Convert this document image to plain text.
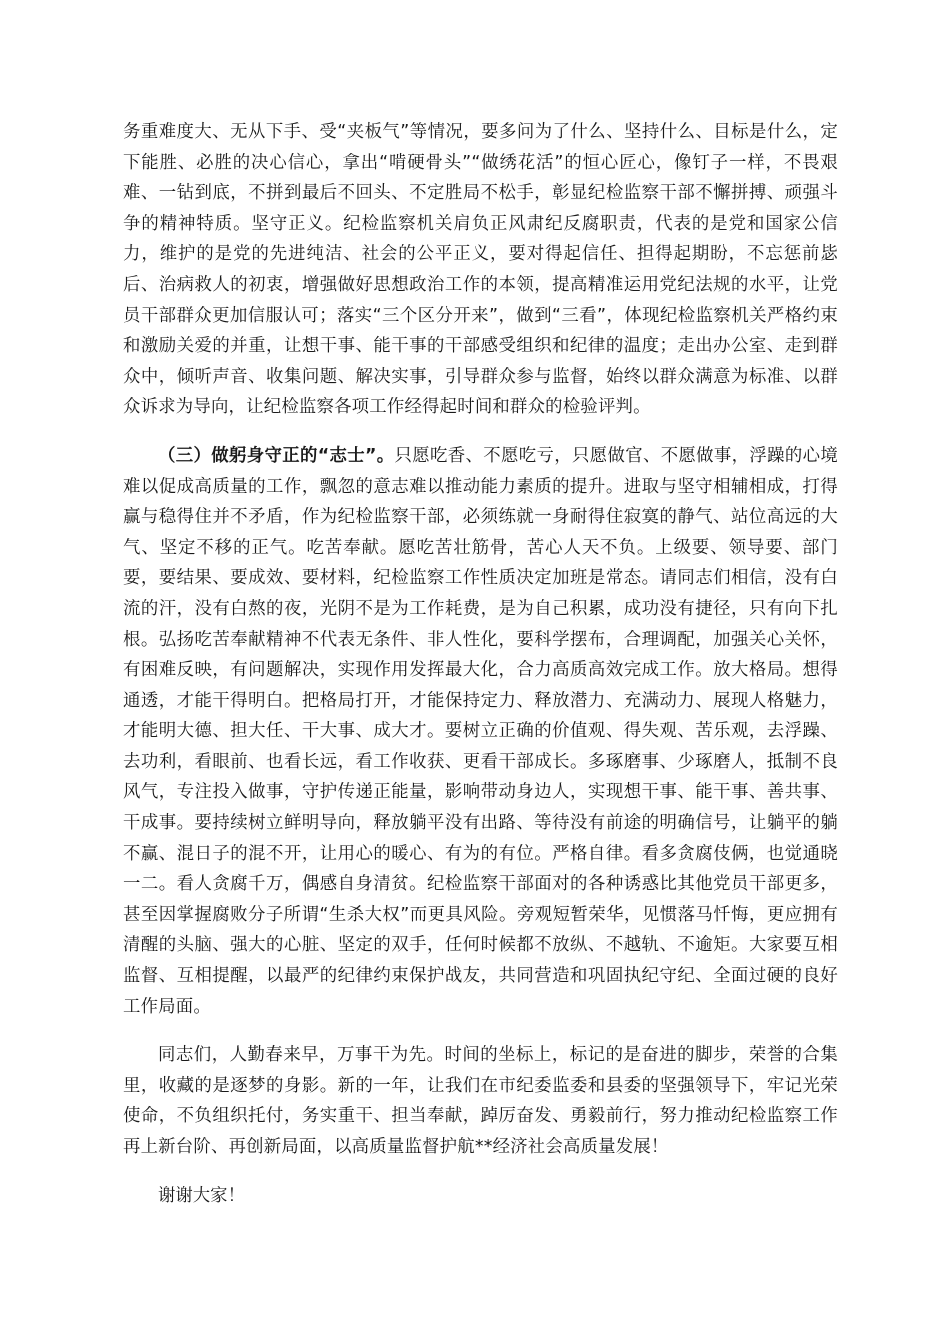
务重难度大、无从下手、受“夹板气”等情况，要多问为了什么、坚持什么、目标是什么，定下能胜、必胜的决心信心，拿出“啃硬骨头”“做绣花活”的恒心匠心，像钉子一样，不畏艰难、一钻到底，不拼到最后不回头、不定胜局不松手，彰显纪检监察干部不懈拼搏、顽强斗争的精神特质。坚守正义。纪检监察机关肩负正风肃纪反腐职责，代表的是党和国家公信力，维护的是党的先进纯洁、社会的公平正义，要对得起信任、担得起期盼，不忘惩前毖后、治病救人的初衷，增强做好思想政治工作的本领，提高精准运用党纪法规的水平，让党员干部群众更加信服认可；落实“三个区分开来”，做到“三看”，体现纪检监察机关严格约束和激励关爱的并重，让想干事、能干事的干部感受组织和纪律的温度；走出办公室、走到群众中，倾听声音、收集问题、解决实事，引导群众参与监督，始终以群众满意为标准、以群众诉求为导向，让纪检监察各项工作经得起时间和群众的检验评判。

（三）做躬身守正的“志士”。只愿吃香、不愿吃亏，只愿做官、不愿做事，浮躁的心境难以促成高质量的工作，飘忽的意志难以推动能力素质的提升。进取与坚守相辅相成，打得赢与稳得住并不矛盾，作为纪检监察干部，必须练就一身耐得住寂寞的静气、站位高远的大气、坚定不移的正气。吃苦奉献。愿吃苦壮筋骨，苦心人天不负。上级要、领导要、部门要，要结果、要成效、要材料，纪检监察工作性质决定加班是常态。请同志们相信，没有白流的汗，没有白熬的夜，光阴不是为工作耗费，是为自己积累，成功没有捷径，只有向下扎根。弘扬吃苦奉献精神不代表无条件、非人性化，要科学摆布，合理调配，加强关心关怀，有困难反映，有问题解决，实现作用发挥最大化，合力高质高效完成工作。放大格局。想得通透，才能干得明白。把格局打开，才能保持定力、释放潜力、充满动力、展现人格魅力，才能明大德、担大任、干大事、成大才。要树立正确的价值观、得失观、苦乐观，去浮躁、去功利，看眼前、也看长远，看工作收获、更看干部成长。多琢磨事、少琢磨人，抵制不良风气，专注投入做事，守护传递正能量，影响带动身边人，实现想干事、能干事、善共事、干成事。要持续树立鲜明导向，释放躺平没有出路、等待没有前途的明确信号，让躺平的躺不赢、混日子的混不开，让用心的暖心、有为的有位。严格自律。看多贪腐伎俩，也觉通晓一二。看人贪腐千万，偶感自身清贫。纪检监察干部面对的各种诱惑比其他党员干部更多，甚至因掌握腐败分子所谓“生杀大权”而更具风险。旁观短暂荣华，见惯落马忏悔，更应拥有清醒的头脑、强大的心脏、坚定的双手，任何时候都不放纵、不越轨、不逾矩。大家要互相监督、互相提醒，以最严的纪律约束保护战友，共同营造和巩固执纪守纪、全面过硬的良好工作局面。

同志们，人勤春来早，万事干为先。时间的坐标上，标记的是奋进的脚步，荣誉的合集里，收藏的是逐梦的身影。新的一年，让我们在市纪委监委和县委的坚强领导下，牢记光荣使命，不负组织托付，务实重干、担当奉献，踔厉奋发、勇毅前行，努力推动纪检监察工作再上新台阶、再创新局面，以高质量监督护航**经济社会高质量发展！

谢谢大家！
